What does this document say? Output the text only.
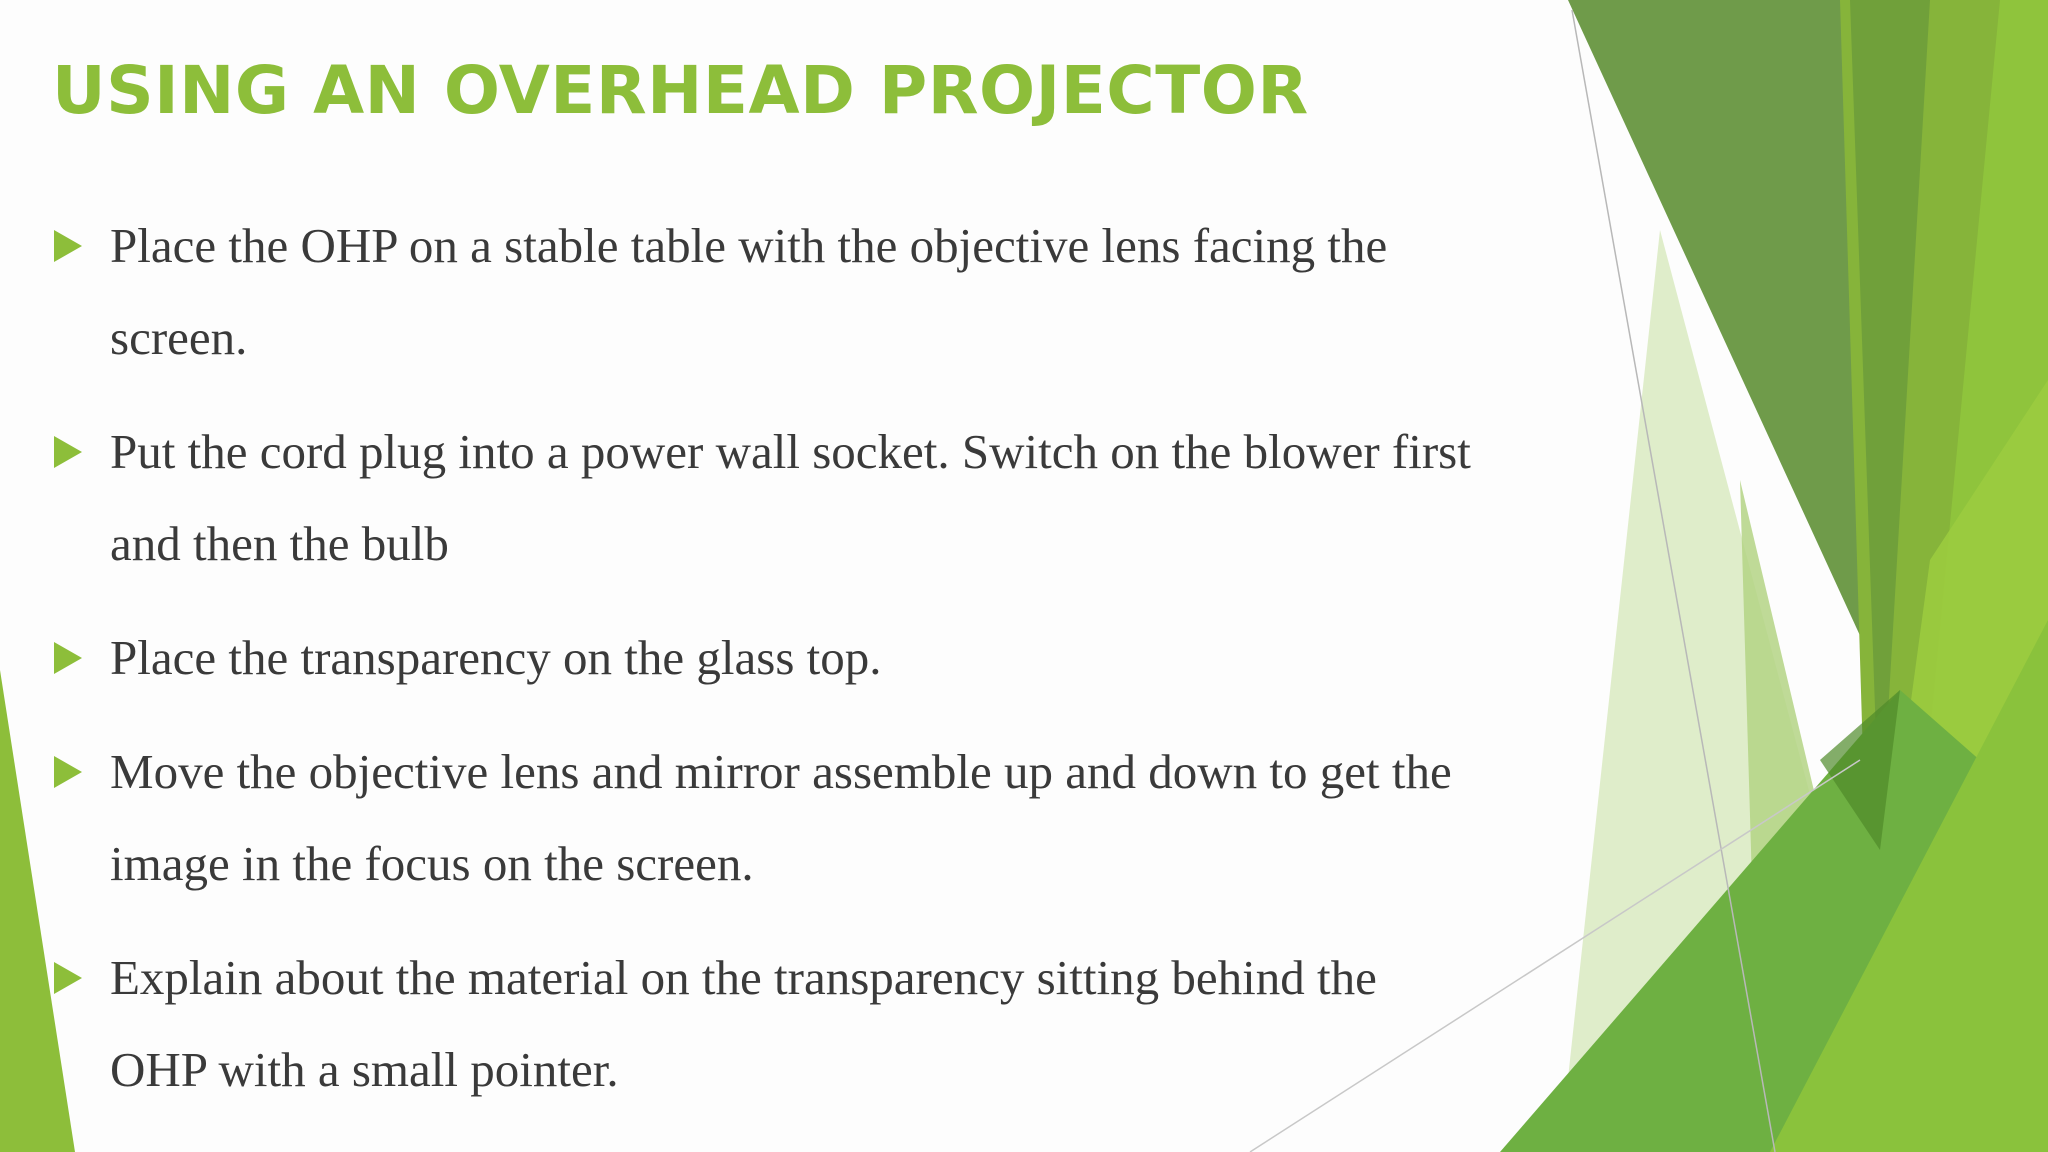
USING AN OVERHEAD PROJECTOR
Place the OHP on a stable table with the objective lens facing the screen.
Put the cord plug into a power wall socket. Switch on the blower first and then the bulb
Place the transparency on the glass top.
Move the objective lens and mirror assemble up and down to get the image in the focus on the screen.
Explain about the material on the transparency sitting behind the OHP with a small pointer.
